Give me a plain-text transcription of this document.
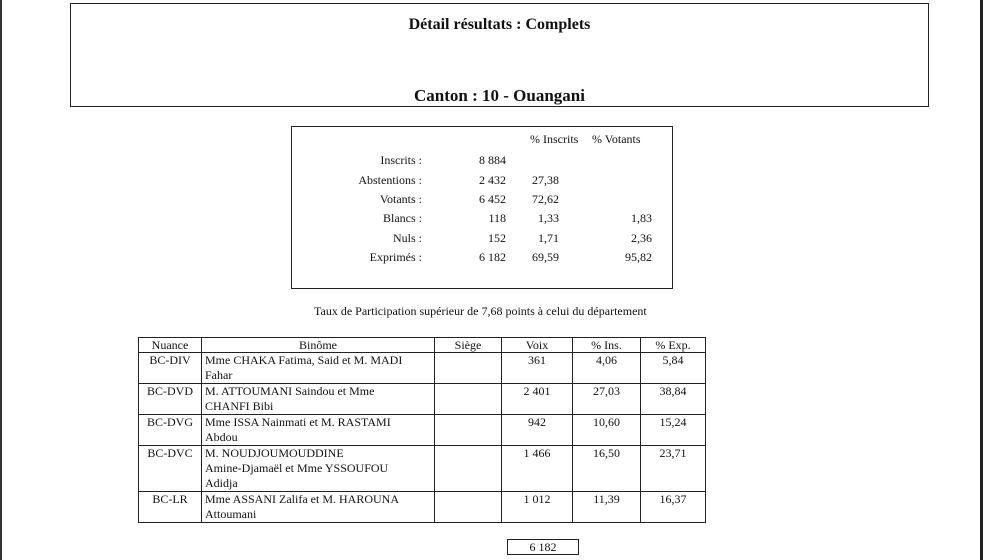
Détail résultats : Complets
Canton : 10 - Ouangani
% Inscrits % Votants
Inscrits :	8 884
Abstentions :	2 432	27,38
Votants :	6 452	72,62
Blancs :	118	1,33	1,83
Nuls :	152	1,71	2,36
Exprimés :	6 182	69,59	95,82
Taux de Participation supérieur de 7,68 points à celui du département
Nuance	Binôme	Siège	Voix	% Ins.	% Exp.
BC-DIV	Mme CHAKA Fatima, Said et M. MADI
Fahar		361	4,06	5,84
BC-DVD	M. ATTOUMANI Saindou et Mme
CHANFI Bibi		2 401	27,03	38,84
BC-DVG	Mme ISSA Nainmati et M. RASTAMI
Abdou		942	10,60	15,24
BC-DVC	M. NOUDJOUMOUDDINE
Amine-Djamaël et Mme YSSOUFOU
Adidja		1 466	16,50	23,71
BC-LR	Mme ASSANI Zalifa et M. HAROUNA
Attoumani		1 012	11,39	16,37
6 182
